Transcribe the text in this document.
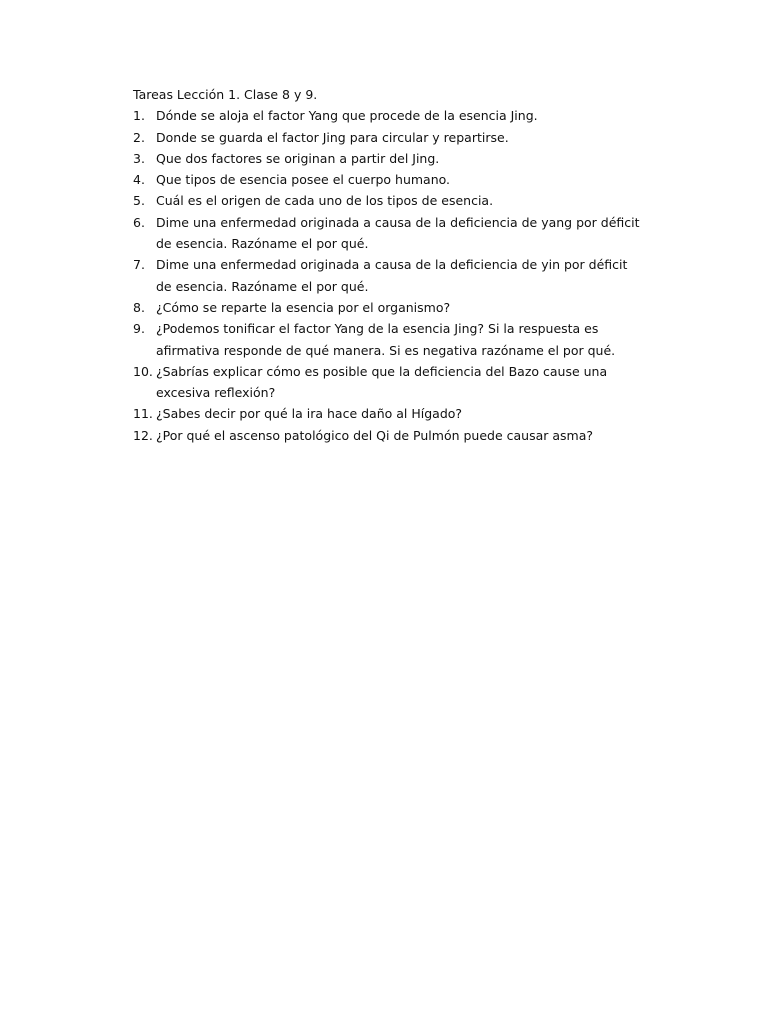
Tareas Lección 1. Clase 8 y 9.

1. Dónde se aloja el factor Yang que procede de la esencia Jing.
2. Donde se guarda el factor Jing para circular y repartirse.
3. Que dos factores se originan a partir del Jing.
4. Que tipos de esencia posee el cuerpo humano.
5. Cuál es el origen de cada uno de los tipos de esencia.
6. Dime una enfermedad originada a causa de la deficiencia de yang por déficit
de esencia. Razóname el por qué.
7. Dime una enfermedad originada a causa de la deficiencia de yin por déficit
de esencia. Razóname el por qué.
8. ¿Cómo se reparte la esencia por el organismo?
9. ¿Podemos tonificar el factor Yang de la esencia Jing? Si la respuesta es
afirmativa responde de qué manera. Si es negativa razóname el por qué.
10. ¿Sabrías explicar cómo es posible que la deficiencia del Bazo cause una
excesiva reflexión?
11. ¿Sabes decir por qué la ira hace daño al Hígado?
12. ¿Por qué el ascenso patológico del Qi de Pulmón puede causar asma?
